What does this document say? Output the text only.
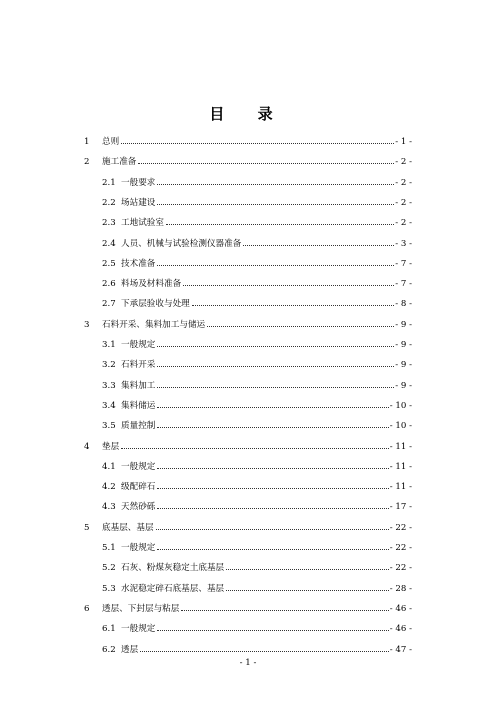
目 录
1	总则	- 1 -
2	施工准备	- 2 -
2.1 一般要求	- 2 -
2.2 场站建设	- 2 -
2.3 工地试验室	- 2 -
2.4 人员、机械与试验检测仪器准备	- 3 -
2.5 技术准备	- 7 -
2.6 料场及材料准备	- 7 -
2.7 下承层验收与处理	- 8 -
3	石料开采、集料加工与储运	- 9 -
3.1 一般规定	- 9 -
3.2 石料开采	- 9 -
3.3 集料加工	- 9 -
3.4 集料储运	- 10 -
3.5 质量控制	- 10 -
4	垫层	- 11 -
4.1 一般规定	- 11 -
4.2 级配碎石	- 11 -
4.3 天然砂砾	- 17 -
5	底基层、基层	- 22 -
5.1 一般规定	- 22 -
5.2 石灰、粉煤灰稳定土底基层	- 22 -
5.3 水泥稳定碎石底基层、基层	- 28 -
6	透层、下封层与粘层	- 46 -
6.1 一般规定	- 46 -
6.2 透层	- 47 -
- 1 -
